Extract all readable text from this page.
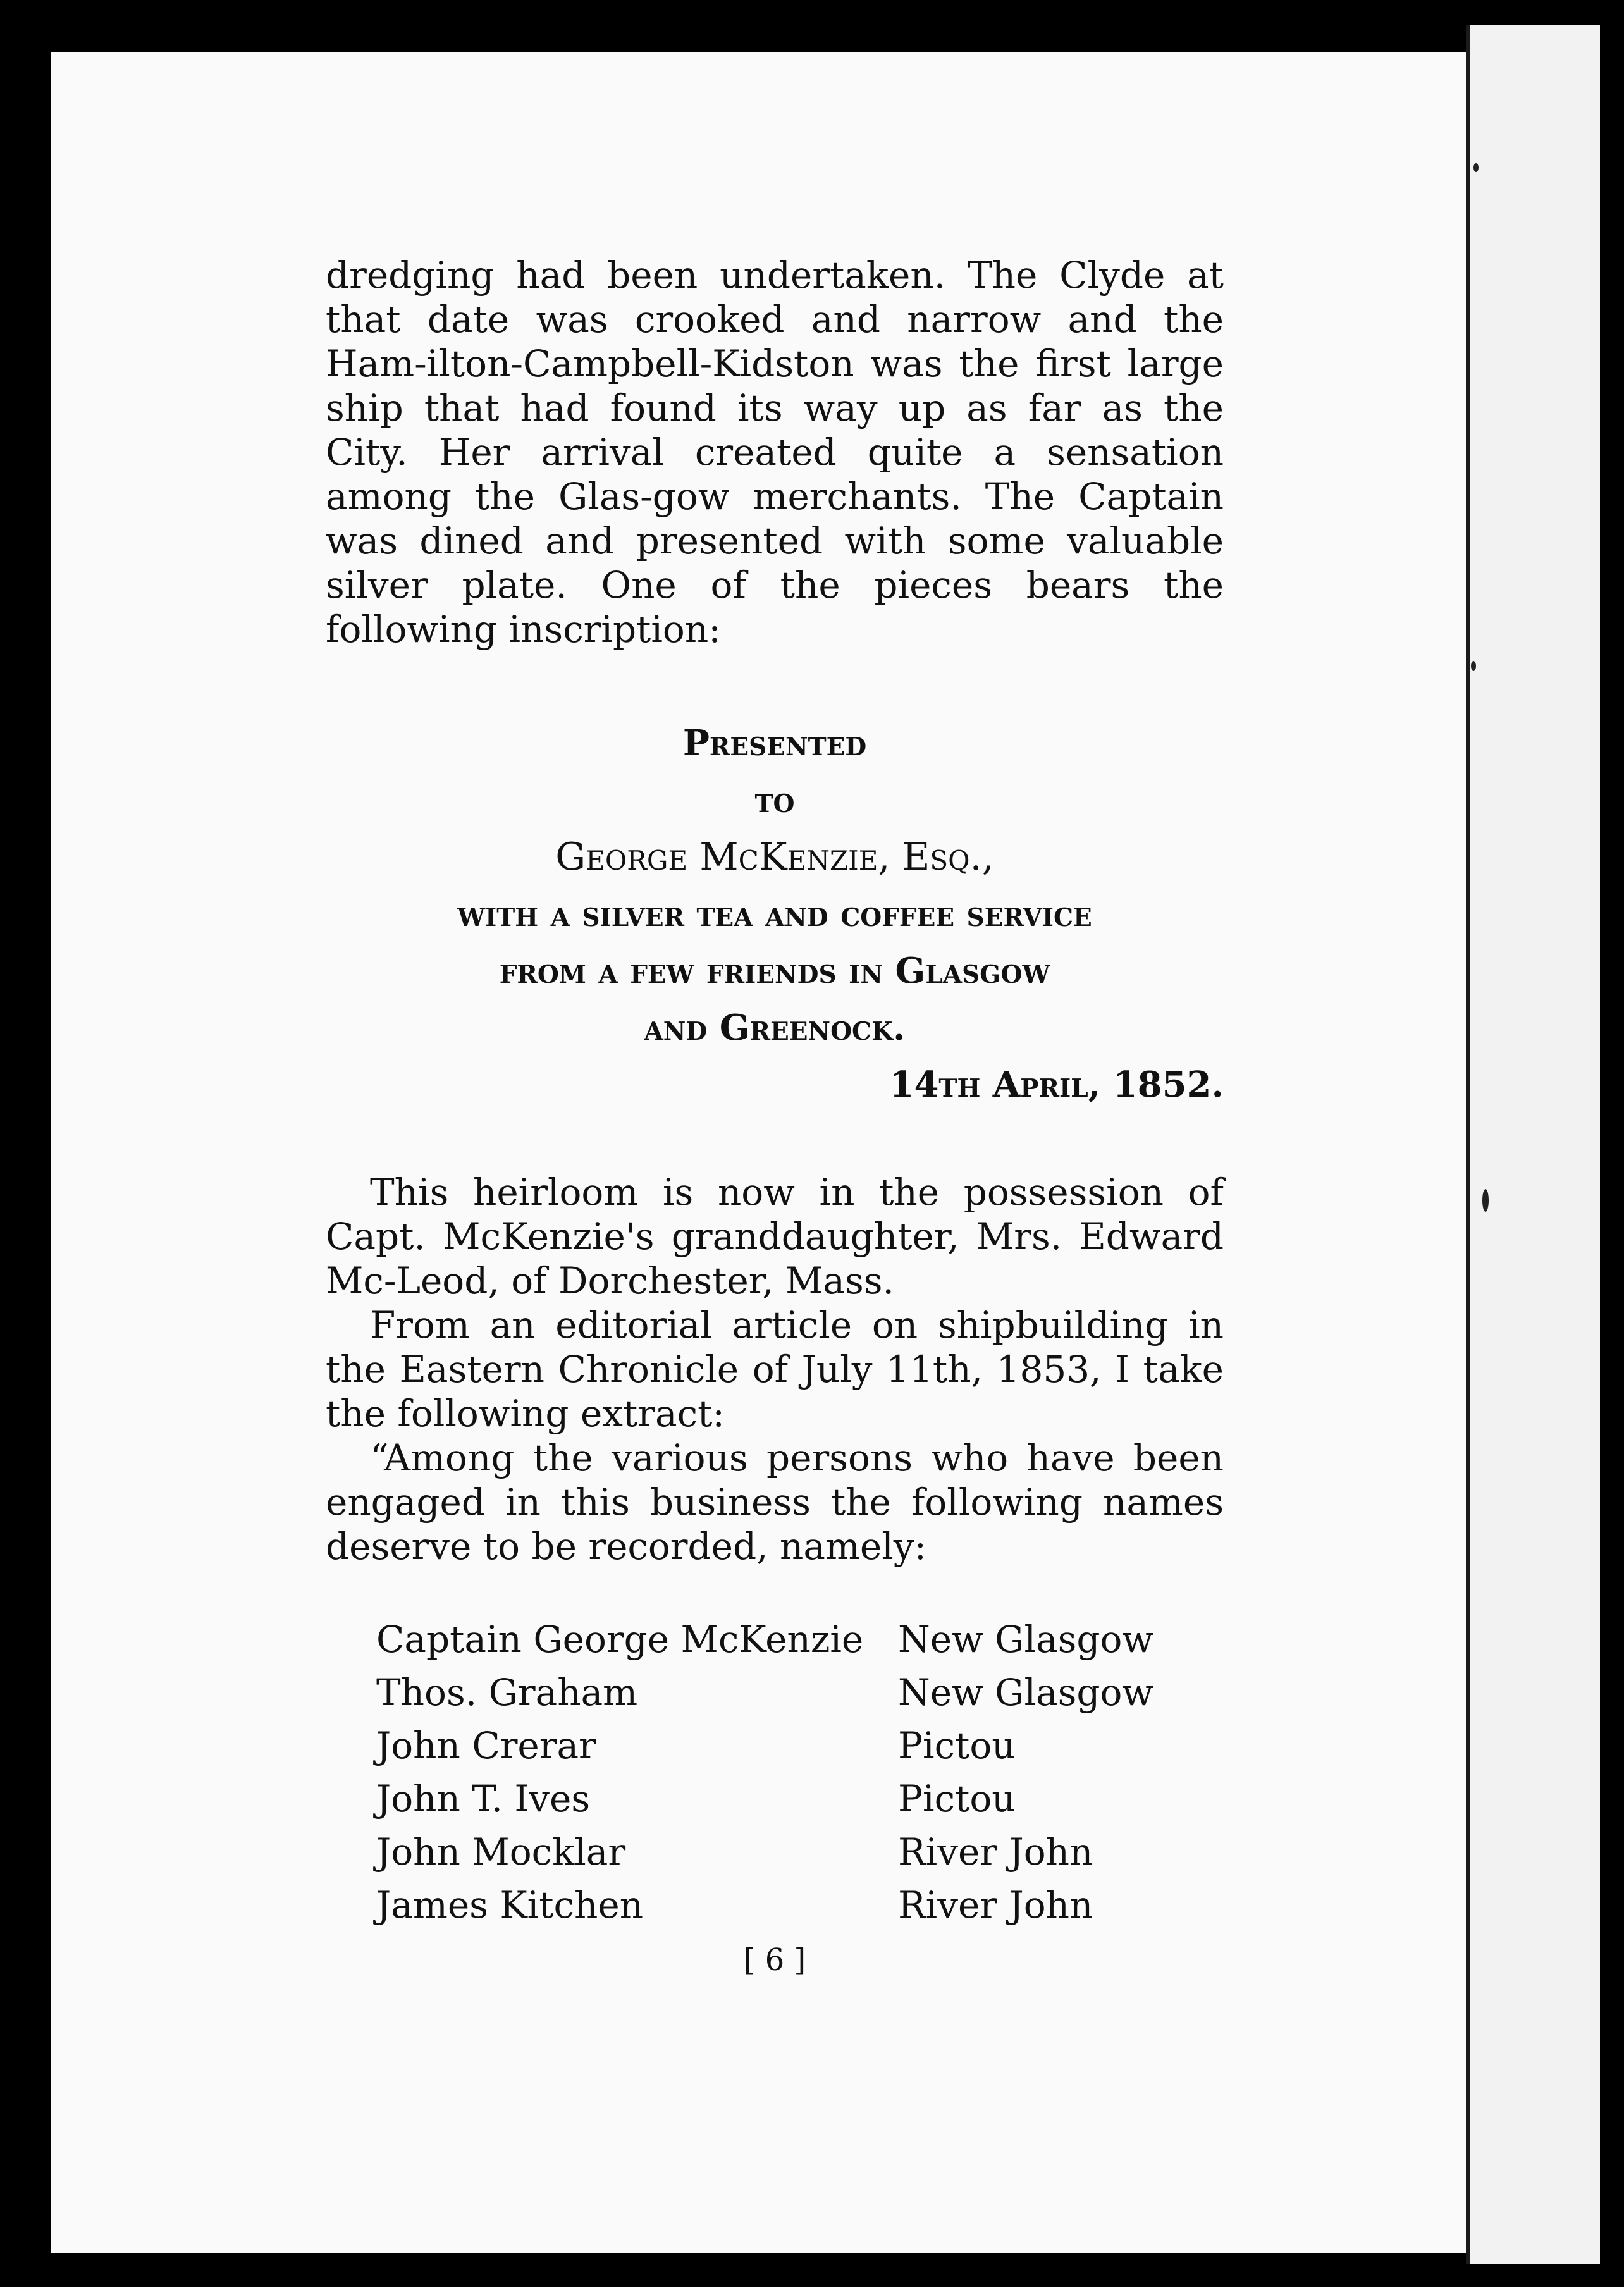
dredging had been undertaken. The Clyde at that date was crooked and narrow and the Ham-ilton-Campbell-Kidston was the first large ship that had found its way up as far as the City. Her arrival created quite a sensation among the Glas-gow merchants. The Captain was dined and presented with some valuable silver plate. One of the pieces bears the following inscription:

Presented
to
George McKenzie, Esq.,
with a silver tea and coffee service
from a few friends in Glasgow
and Greenock.
14th April, 1852.

This heirloom is now in the possession of Capt. McKenzie's granddaughter, Mrs. Edward Mc-Leod, of Dorchester, Mass.

From an editorial article on shipbuilding in the Eastern Chronicle of July 11th, 1853, I take the following extract:

“Among the various persons who have been engaged in this business the following names deserve to be recorded, namely:

Captain George McKenzie New Glasgow
Thos. Graham	New Glasgow
John Crerar	Pictou
John T. Ives	Pictou
John Mocklar	River John
James Kitchen	River John
[ 6 ]
